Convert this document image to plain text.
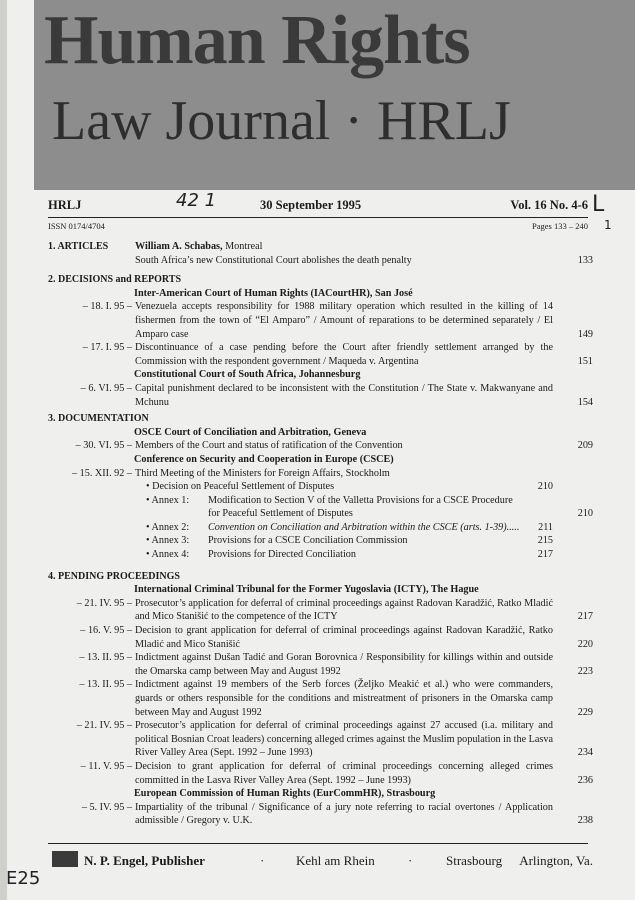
Human Rights
Law Journal · HRLJ
HRLJ	42 1	30 September 1995	Vol. 16 No. 4-6
ISSN 0174/4704	Pages 133 – 240
L
1
1. ARTICLES	William A. Schabas, Montreal
South Africa’s new Constitutional Court abolishes the death penalty	133
2. DECISIONS and REPORTS
Inter-American Court of Human Rights (IACourtHR), San José
– 18. I. 95 – Venezuela accepts responsibility for 1988 military operation which resulted in the killing of 14 fishermen from the town of “El Amparo” / Amount of reparations to be determined separately / El Amparo case	149
– 17. I. 95 – Discontinuance of a case pending before the Court after friendly settlement arranged by the Commission with the respondent government / Maqueda v. Argentina	151
Constitutional Court of South Africa, Johannesburg
– 6. VI. 95 – Capital punishment declared to be inconsistent with the Constitution / The State v. Makwanyane and Mchunu	154
3. DOCUMENTATION
OSCE Court of Conciliation and Arbitration, Geneva
– 30. VI. 95 – Members of the Court and status of ratification of the Convention	209
Conference on Security and Cooperation in Europe (CSCE)
– 15. XII. 92 – Third Meeting of the Ministers for Foreign Affairs, Stockholm
• Decision on Peaceful Settlement of Disputes	210
• Annex 1: Modification to Section V of the Valletta Provisions for a CSCE Procedure
for Peaceful Settlement of Disputes	210
• Annex 2: Convention on Conciliation and Arbitration within the CSCE (arts. 1-39).....	211
• Annex 3: Provisions for a CSCE Conciliation Commission	215
• Annex 4: Provisions for Directed Conciliation	217
4. PENDING PROCEEDINGS
International Criminal Tribunal for the Former Yugoslavia (ICTY), The Hague
– 21. IV. 95 – Prosecutor’s application for deferral of criminal proceedings against Radovan Karadžić, Ratko Mladić and Mico Stanišić to the competence of the ICTY	217
– 16. V. 95 – Decision to grant application for deferral of criminal proceedings against Radovan Karadžić, Ratko Mladić and Mico Stanišić	220
– 13. II. 95 – Indictment against Dušan Tadić and Goran Borovnica / Responsibility for killings within and outside the Omarska camp between May and August 1992	223
– 13. II. 95 – Indictment against 19 members of the Serb forces (Željko Meakić et al.) who were commanders, guards or others responsible for the conditions and mistreatment of prisoners in the Omarska camp between May and August 1992	229
– 21. IV. 95 – Prosecutor’s application for deferral of criminal proceedings against 27 accused (i.a. military and political Bosnian Croat leaders) concerning alleged crimes against the Muslim population in the Lasva River Valley Area (Sept. 1992 – June 1993)	234
– 11. V. 95 – Decision to grant application for deferral of criminal proceedings concerning alleged crimes committed in the Lasva River Valley Area (Sept. 1992 – June 1993)	236
European Commission of Human Rights (EurCommHR), Strasbourg
– 5. IV. 95 – Impartiality of the tribunal / Significance of a jury note referring to racial overtones / Application admissible / Gregory v. U.K.	238
N. P. Engel, Publisher	· Kehl am Rhein	·	Strasbourg Arlington, Va.
E25
